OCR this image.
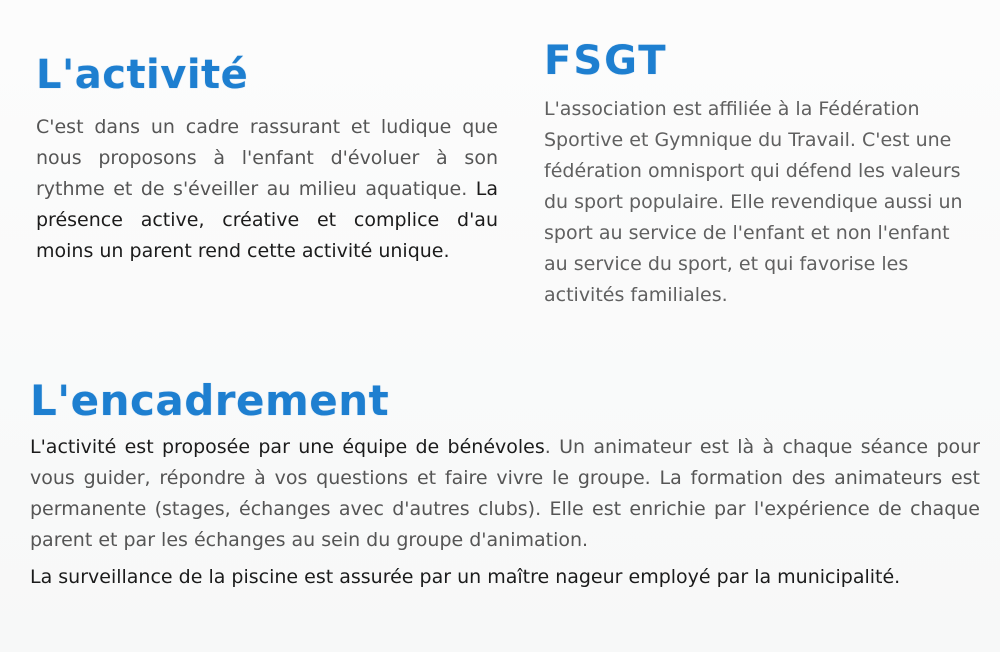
L'activité

C'est dans un cadre rassurant et ludique que nous proposons à l'enfant d'évoluer à son rythme et de s'éveiller au milieu aquatique. La présence active, créative et complice d'au moins un parent rend cette activité unique.

FSGT

L'association est affiliée à la Fédération Sportive et Gymnique du Travail. C'est une fédération omnisport qui défend les valeurs du sport populaire. Elle revendique aussi un sport au service de l'enfant et non l'enfant au service du sport, et qui favorise les activités familiales.

L'encadrement

L'activité est proposée par une équipe de bénévoles. Un animateur est là à chaque séance pour vous guider, répondre à vos questions et faire vivre le groupe. La formation des animateurs est permanente (stages, échanges avec d'autres clubs). Elle est enrichie par l'expérience de chaque parent et par les échanges au sein du groupe d'animation.

La surveillance de la piscine est assurée par un maître nageur employé par la municipalité.
